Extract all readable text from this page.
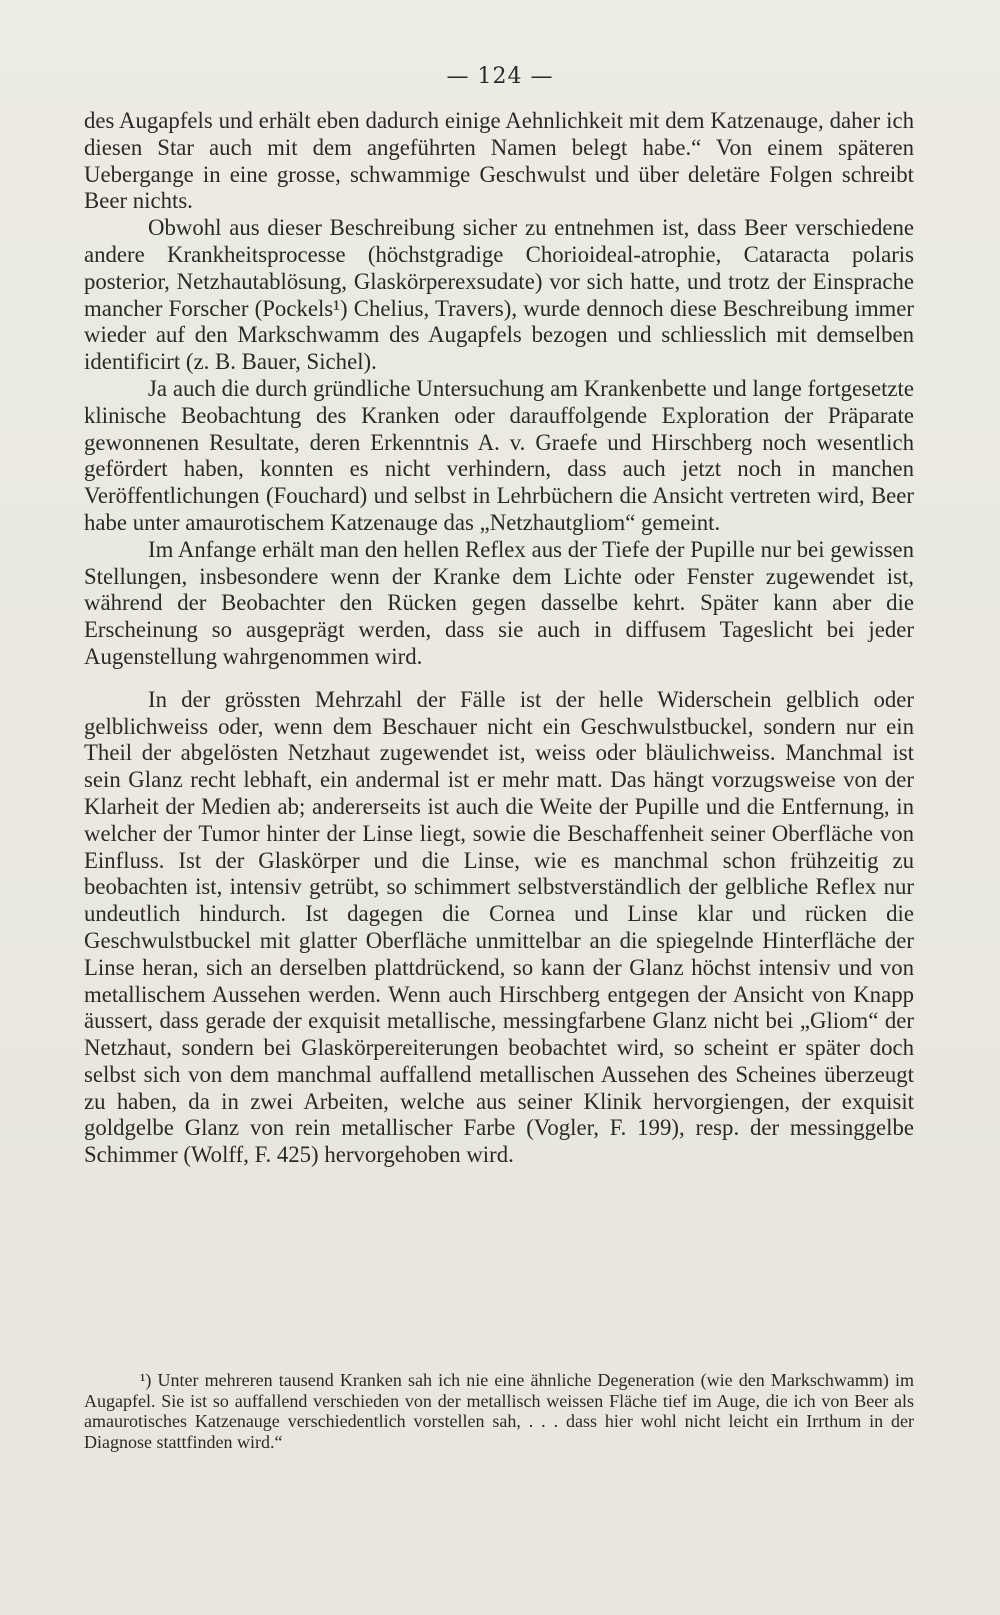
— 124 —

des Augapfels und erhält eben dadurch einige Aehnlichkeit mit dem Katzenauge, daher ich diesen Star auch mit dem angeführten Namen belegt habe.“ Von einem späteren Uebergange in eine grosse, schwammige Geschwulst und über deletäre Folgen schreibt Beer nichts.

Obwohl aus dieser Beschreibung sicher zu entnehmen ist, dass Beer verschiedene andere Krankheitsprocesse (höchstgradige Chorioideal-atrophie, Cataracta polaris posterior, Netzhautablösung, Glaskörperexsudate) vor sich hatte, und trotz der Einsprache mancher Forscher (Pockels¹) Chelius, Travers), wurde dennoch diese Beschreibung immer wieder auf den Markschwamm des Augapfels bezogen und schliesslich mit demselben identificirt (z. B. Bauer, Sichel).

Ja auch die durch gründliche Untersuchung am Krankenbette und lange fortgesetzte klinische Beobachtung des Kranken oder darauffolgende Exploration der Präparate gewonnenen Resultate, deren Erkenntnis A. v. Graefe und Hirschberg noch wesentlich gefördert haben, konnten es nicht verhindern, dass auch jetzt noch in manchen Veröffentlichungen (Fouchard) und selbst in Lehrbüchern die Ansicht vertreten wird, Beer habe unter amaurotischem Katzenauge das „Netzhautgliom“ gemeint.

Im Anfange erhält man den hellen Reflex aus der Tiefe der Pupille nur bei gewissen Stellungen, insbesondere wenn der Kranke dem Lichte oder Fenster zugewendet ist, während der Beobachter den Rücken gegen dasselbe kehrt. Später kann aber die Erscheinung so ausgeprägt werden, dass sie auch in diffusem Tageslicht bei jeder Augenstellung wahrgenommen wird.

In der grössten Mehrzahl der Fälle ist der helle Widerschein gelblich oder gelblichweiss oder, wenn dem Beschauer nicht ein Geschwulstbuckel, sondern nur ein Theil der abgelösten Netzhaut zugewendet ist, weiss oder bläulichweiss. Manchmal ist sein Glanz recht lebhaft, ein andermal ist er mehr matt. Das hängt vorzugsweise von der Klarheit der Medien ab; andererseits ist auch die Weite der Pupille und die Entfernung, in welcher der Tumor hinter der Linse liegt, sowie die Beschaffenheit seiner Oberfläche von Einfluss. Ist der Glaskörper und die Linse, wie es manchmal schon frühzeitig zu beobachten ist, intensiv getrübt, so schimmert selbstverständlich der gelbliche Reflex nur undeutlich hindurch. Ist dagegen die Cornea und Linse klar und rücken die Geschwulstbuckel mit glatter Oberfläche unmittelbar an die spiegelnde Hinterfläche der Linse heran, sich an derselben plattdrückend, so kann der Glanz höchst intensiv und von metallischem Aussehen werden. Wenn auch Hirschberg entgegen der Ansicht von Knapp äussert, dass gerade der exquisit metallische, messingfarbene Glanz nicht bei „Gliom“ der Netzhaut, sondern bei Glaskörpereiterungen beobachtet wird, so scheint er später doch selbst sich von dem manchmal auffallend metallischen Aussehen des Scheines überzeugt zu haben, da in zwei Arbeiten, welche aus seiner Klinik hervorgiengen, der exquisit goldgelbe Glanz von rein metallischer Farbe (Vogler, F. 199), resp. der messinggelbe Schimmer (Wolff, F. 425) hervorgehoben wird.

¹) Unter mehreren tausend Kranken sah ich nie eine ähnliche Degeneration (wie den Markschwamm) im Augapfel. Sie ist so auffallend verschieden von der metallisch weissen Fläche tief im Auge, die ich von Beer als amaurotisches Katzenauge verschiedentlich vorstellen sah, . . . dass hier wohl nicht leicht ein Irrthum in der Diagnose stattfinden wird.“
